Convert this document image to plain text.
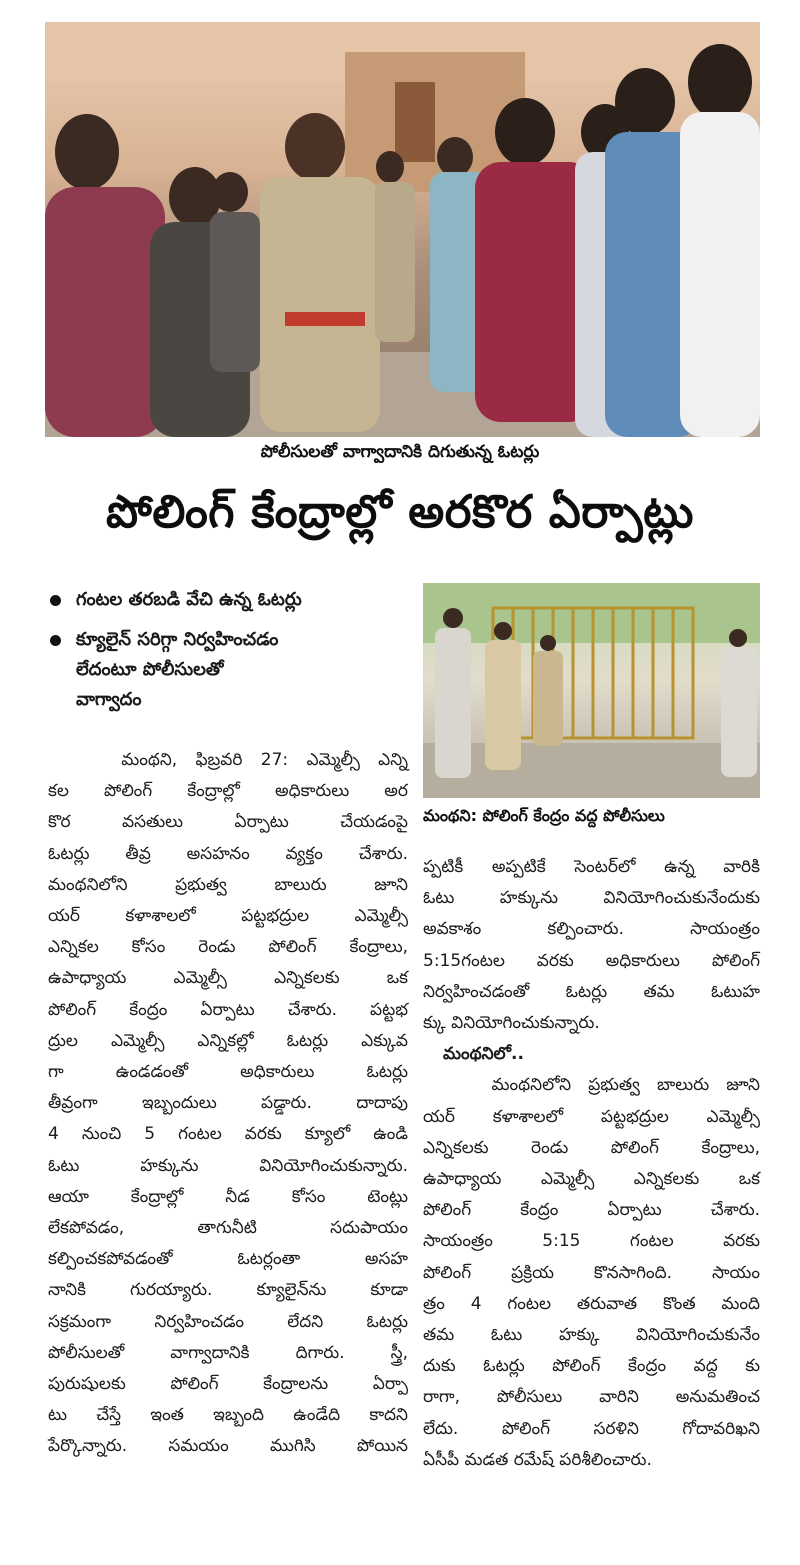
పోలీసులతో వాగ్వాదానికి దిగుతున్న ఓటర్లు
పోలింగ్ కేంద్రాల్లో అరకొర ఏర్పాట్లు
గంటల తరబడి వేచి ఉన్న ఓటర్లు
క్యూలైన్ సరిగ్గా నిర్వహించడం
లేదంటూ పోలీసులతో
వాగ్వాదం
మంథని: పోలింగ్ కేంద్రం వద్ద పోలీసులు
మంథని, ఫిబ్రవరి 27: ఎమ్మెల్సీ ఎన్ని
కల పోలింగ్ కేంద్రాల్లో అధికారులు అర
కొర వసతులు ఏర్పాటు చేయడంపై
ఓటర్లు తీవ్ర అసహనం వ్యక్తం చేశారు.
మంథనిలోని ప్రభుత్వ బాలురు జూని
యర్ కళాశాలలో పట్టభద్రుల ఎమ్మెల్సీ
ఎన్నికల కోసం రెండు పోలింగ్ కేంద్రాలు,
ఉపాధ్యాయ ఎమ్మెల్సీ ఎన్నికలకు ఒక
పోలింగ్ కేంద్రం ఏర్పాటు చేశారు. పట్టభ
ద్రుల ఎమ్మెల్సీ ఎన్నికల్లో ఓటర్లు ఎక్కువ
గా ఉండడంతో అధికారులు ఓటర్లు
తీవ్రంగా ఇబ్బందులు పడ్డారు. దాదాపు
4 నుంచి 5 గంటల వరకు క్యూలో ఉండి
ఓటు హక్కును వినియోగించుకున్నారు.
ఆయా కేంద్రాల్లో నీడ కోసం టెంట్లు
లేకపోవడం, తాగునీటి సదుపాయం
కల్పించకపోవడంతో ఓటర్లంతా అసహ
నానికి గురయ్యారు. క్యూలైన్‌ను కూడా
సక్రమంగా నిర్వహించడం లేదని ఓటర్లు
పోలీసులతో వాగ్వాదానికి దిగారు. స్త్రీ,
పురుషులకు పోలింగ్ కేంద్రాలను ఏర్పా
టు చేస్తే ఇంత ఇబ్బంది ఉండేది కాదని
పేర్కొన్నారు. సమయం ముగిసి పోయిన
ప్పటికీ అప్పటికే సెంటర్‌లో ఉన్న వారికి
ఓటు హక్కును వినియోగించుకునేందుకు
అవకాశం కల్పించారు. సాయంత్రం
5:15గంటల వరకు అధికారులు పోలింగ్
నిర్వహించడంతో ఓటర్లు తమ ఓటుహ
క్కు వినియోగించుకున్నారు.
మంథనిలో..
మంథనిలోని ప్రభుత్వ బాలురు జూని
యర్ కళాశాలలో పట్టభద్రుల ఎమ్మెల్సీ
ఎన్నికలకు రెండు పోలింగ్ కేంద్రాలు,
ఉపాధ్యాయ ఎమ్మెల్సీ ఎన్నికలకు ఒక
పోలింగ్ కేంద్రం ఏర్పాటు చేశారు.
సాయంత్రం 5:15 గంటల వరకు
పోలింగ్ ప్రక్రియ కొనసాగింది. సాయం
త్రం 4 గంటల తరువాత కొంత మంది
తమ ఓటు హక్కు వినియోగించుకునేం
దుకు ఓటర్లు పోలింగ్ కేంద్రం వద్ద కు
రాగా, పోలీసులు వారిని అనుమతించ
లేదు. పోలింగ్ సరళిని గోదావరిఖని
ఏసీపీ మడత రమేష్ పరిశీలించారు.
